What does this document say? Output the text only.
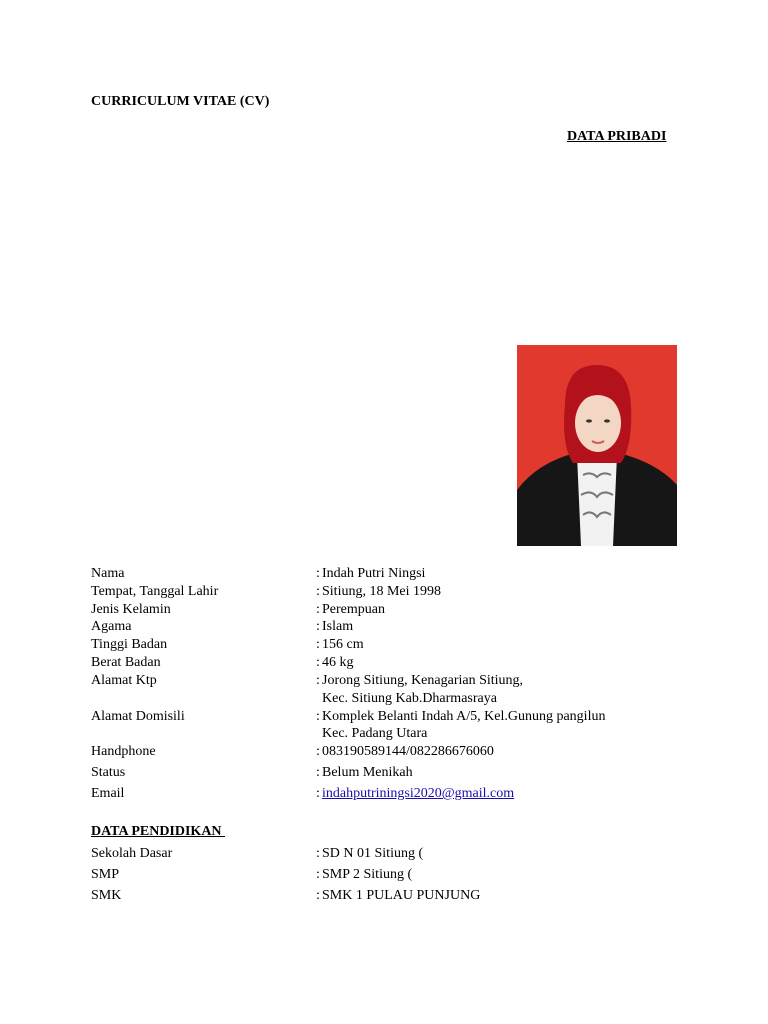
CURRICULUM VITAE (CV)
DATA PRIBADI
Nama	: Indah Putri Ningsi
Tempat, Tanggal Lahir	: Sitiung, 18 Mei 1998
Jenis Kelamin	: Perempuan
Agama	: Islam
Tinggi Badan	: 156 cm
Berat Badan	: 46 kg
Alamat Ktp	: Jorong Sitiung, Kenagarian Sitiung,
Kec. Sitiung Kab.Dharmasraya
Alamat Domisili	: Komplek Belanti Indah A/5, Kel.Gunung pangilun
Kec. Padang Utara
Handphone	: 083190589144/082286676060
Status	: Belum Menikah
Email	: indahputriningsi2020@gmail.com
DATA PENDIDIKAN
Sekolah Dasar	: SD N 01 Sitiung (
SMP	: SMP 2 Sitiung (
SMK	: SMK 1 PULAU PUNJUNG
